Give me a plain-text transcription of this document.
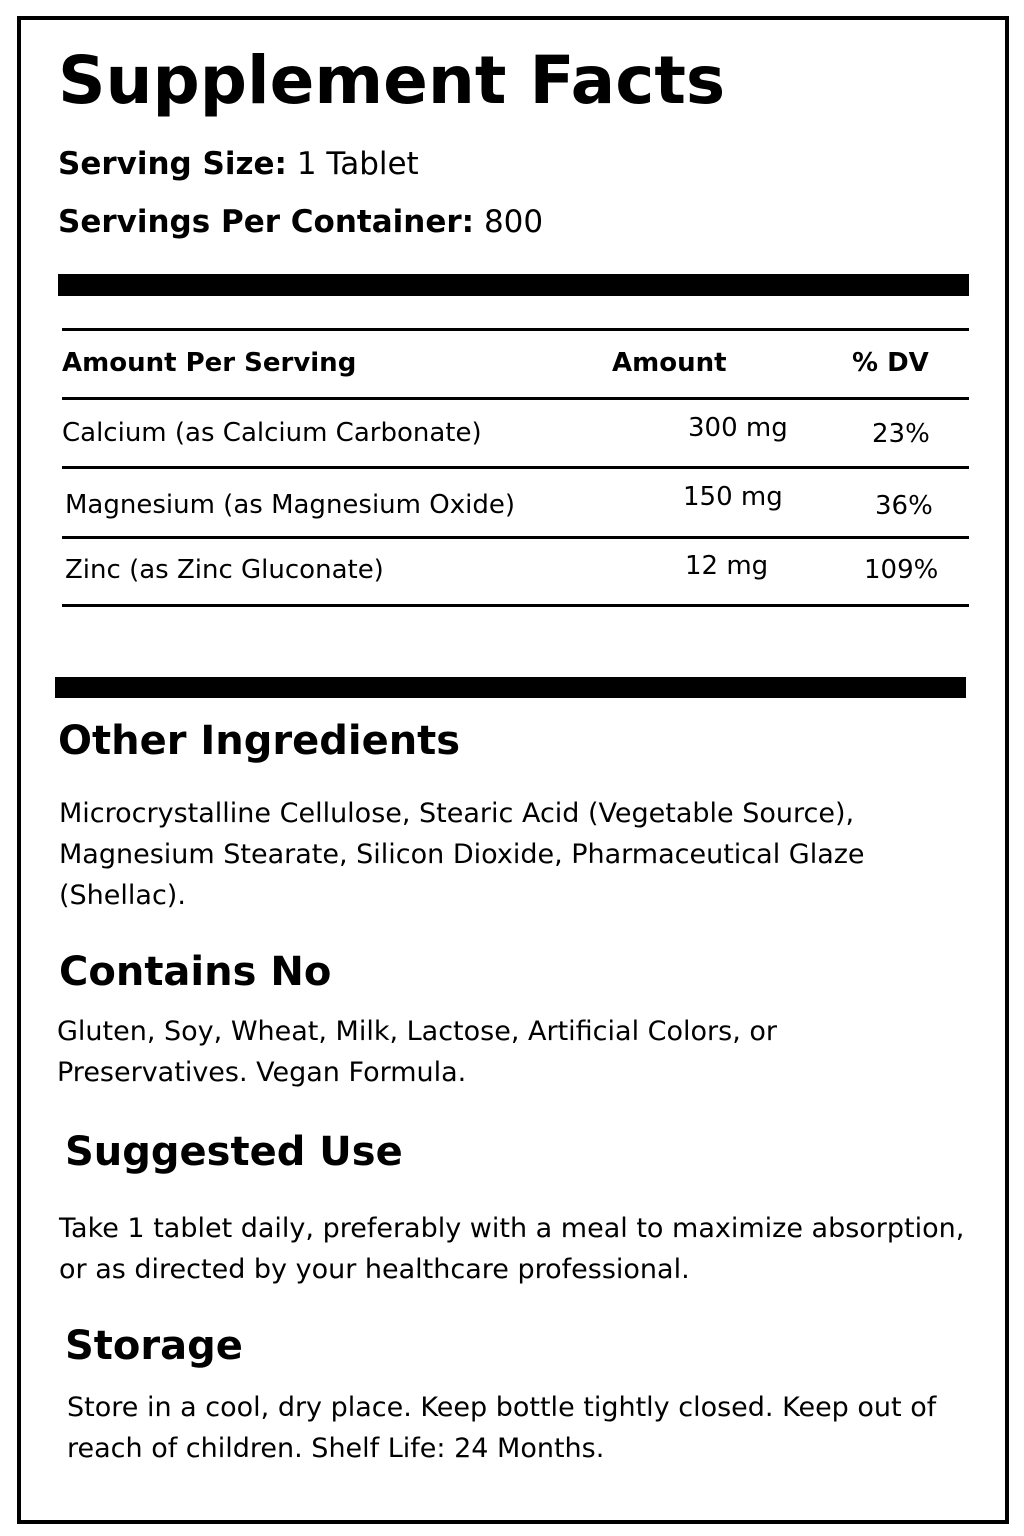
Supplement Facts
Serving Size: 1 Tablet
Servings Per Container: 800
Amount Per Serving	Amount	% DV
Calcium (as Calcium Carbonate)	300 mg	23%
Magnesium (as Magnesium Oxide)	150 mg	36%
Zinc (as Zinc Gluconate)	12 mg	109%
Other Ingredients
Microcrystalline Cellulose, Stearic Acid (Vegetable Source),
Magnesium Stearate, Silicon Dioxide, Pharmaceutical Glaze
(Shellac).
Contains No
Gluten, Soy, Wheat, Milk, Lactose, Artificial Colors, or
Preservatives. Vegan Formula.
Suggested Use
Take 1 tablet daily, preferably with a meal to maximize absorption,
or as directed by your healthcare professional.
Storage
Store in a cool, dry place. Keep bottle tightly closed. Keep out of
reach of children. Shelf Life: 24 Months.
